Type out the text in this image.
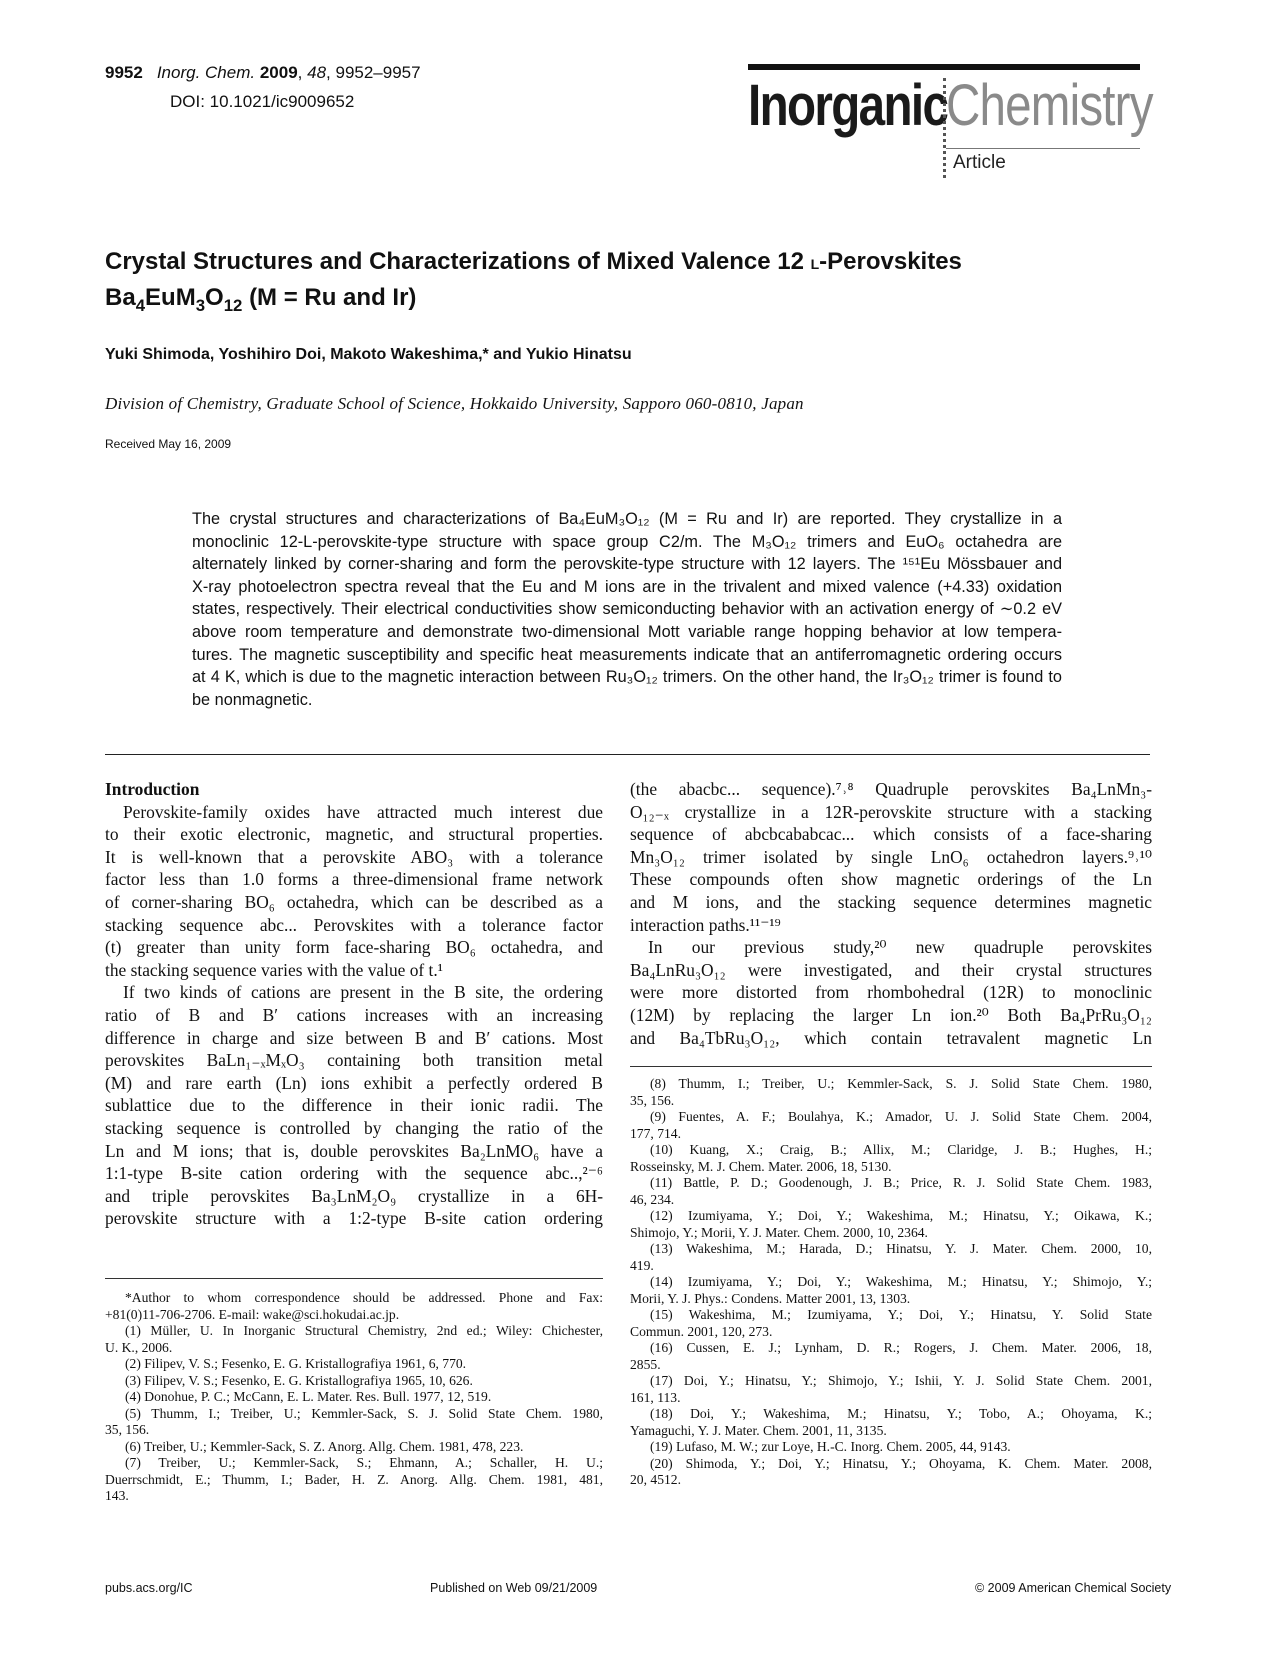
9952 Inorg. Chem. 2009, 48, 9952–9957
DOI: 10.1021/ic9009652	Inorganic
Chemistry
Article
Crystal Structures and Characterizations of Mixed Valence 12 l-Perovskites
$Ba_4EuM_3O_{12}$ (M = Ru and Ir)
Yuki Shimoda, Yoshihiro Doi, Makoto Wakeshima,* and Yukio Hinatsu
Division of Chemistry, Graduate School of Science, Hokkaido University, Sapporo 060-0810, Japan
Received May 16, 2009
The crystal structures and characterizations of Ba₄EuM₃O₁₂ (M = Ru and Ir) are reported. They crystallize in a
monoclinic 12-L-perovskite-type structure with space group C2/m. The M₃O₁₂ trimers and EuO₆ octahedra are
alternately linked by corner-sharing and form the perovskite-type structure with 12 layers. The ¹⁵¹Eu Mössbauer and
X-ray photoelectron spectra reveal that the Eu and M ions are in the trivalent and mixed valence (+4.33) oxidation
states, respectively. Their electrical conductivities show semiconducting behavior with an activation energy of ∼0.2 eV
above room temperature and demonstrate two-dimensional Mott variable range hopping behavior at low tempera-
tures. The magnetic susceptibility and specific heat measurements indicate that an antiferromagnetic ordering occurs
at 4 K, which is due to the magnetic interaction between Ru₃O₁₂ trimers. On the other hand, the Ir₃O₁₂ trimer is found to
be nonmagnetic.
Introduction
Perovskite-family oxides have attracted much interest due
to their exotic electronic, magnetic, and structural properties.
It is well-known that a perovskite ABO₃ with a tolerance
factor less than 1.0 forms a three-dimensional frame network
of corner-sharing BO₆ octahedra, which can be described as a
stacking sequence abc... Perovskites with a tolerance factor
(t) greater than unity form face-sharing BO₆ octahedra, and
the stacking sequence varies with the value of t.¹
If two kinds of cations are present in the B site, the ordering
ratio of B and B′ cations increases with an increasing
difference in charge and size between B and B′ cations. Most
perovskites BaLn₁₋ₓMₓO₃ containing both transition metal
(M) and rare earth (Ln) ions exhibit a perfectly ordered B
sublattice due to the difference in their ionic radii. The
stacking sequence is controlled by changing the ratio of the
Ln and M ions; that is, double perovskites Ba₂LnMO₆ have a
1:1-type B-site cation ordering with the sequence abc..,²⁻⁶
and triple perovskites Ba₃LnM₂O₉ crystallize in a 6H-
perovskite structure with a 1:2-type B-site cation ordering
*Author to whom correspondence should be addressed. Phone and Fax:
+81(0)11-706-2706. E-mail: wake@sci.hokudai.ac.jp.
(1) Müller, U. In Inorganic Structural Chemistry, 2nd ed.; Wiley: Chichester,
U. K., 2006.
(2) Filipev, V. S.; Fesenko, E. G. Kristallografiya 1961, 6, 770.
(3) Filipev, V. S.; Fesenko, E. G. Kristallografiya 1965, 10, 626.
(4) Donohue, P. C.; McCann, E. L. Mater. Res. Bull. 1977, 12, 519.
(5) Thumm, I.; Treiber, U.; Kemmler-Sack, S. J. Solid State Chem. 1980,
35, 156.
(6) Treiber, U.; Kemmler-Sack, S. Z. Anorg. Allg. Chem. 1981, 478, 223.
(7) Treiber, U.; Kemmler-Sack, S.; Ehmann, A.; Schaller, H. U.;
Duerrschmidt, E.; Thumm, I.; Bader, H. Z. Anorg. Allg. Chem. 1981, 481,
143.
(the abacbc... sequence).⁷˒⁸ Quadruple perovskites Ba₄LnMn₃-
O₁₂₋ₓ crystallize in a 12R-perovskite structure with a stacking
sequence of abcbcababcac... which consists of a face-sharing
Mn₃O₁₂ trimer isolated by single LnO₆ octahedron layers.⁹˒¹⁰
These compounds often show magnetic orderings of the Ln
and M ions, and the stacking sequence determines magnetic
interaction paths.¹¹⁻¹⁹
In our previous study,²⁰ new quadruple perovskites
Ba₄LnRu₃O₁₂ were investigated, and their crystal structures
were more distorted from rhombohedral (12R) to monoclinic
(12M) by replacing the larger Ln ion.²⁰ Both Ba₄PrRu₃O₁₂
and Ba₄TbRu₃O₁₂, which contain tetravalent magnetic Ln
(8) Thumm, I.; Treiber, U.; Kemmler-Sack, S. J. Solid State Chem. 1980,
35, 156.
(9) Fuentes, A. F.; Boulahya, K.; Amador, U. J. Solid State Chem. 2004,
177, 714.
(10) Kuang, X.; Craig, B.; Allix, M.; Claridge, J. B.; Hughes, H.;
Rosseinsky, M. J. Chem. Mater. 2006, 18, 5130.
(11) Battle, P. D.; Goodenough, J. B.; Price, R. J. Solid State Chem. 1983,
46, 234.
(12) Izumiyama, Y.; Doi, Y.; Wakeshima, M.; Hinatsu, Y.; Oikawa, K.;
Shimojo, Y.; Morii, Y. J. Mater. Chem. 2000, 10, 2364.
(13) Wakeshima, M.; Harada, D.; Hinatsu, Y. J. Mater. Chem. 2000, 10,
419.
(14) Izumiyama, Y.; Doi, Y.; Wakeshima, M.; Hinatsu, Y.; Shimojo, Y.;
Morii, Y. J. Phys.: Condens. Matter 2001, 13, 1303.
(15) Wakeshima, M.; Izumiyama, Y.; Doi, Y.; Hinatsu, Y. Solid State
Commun. 2001, 120, 273.
(16) Cussen, E. J.; Lynham, D. R.; Rogers, J. Chem. Mater. 2006, 18,
2855.
(17) Doi, Y.; Hinatsu, Y.; Shimojo, Y.; Ishii, Y. J. Solid State Chem. 2001,
161, 113.
(18) Doi, Y.; Wakeshima, M.; Hinatsu, Y.; Tobo, A.; Ohoyama, K.;
Yamaguchi, Y. J. Mater. Chem. 2001, 11, 3135.
(19) Lufaso, M. W.; zur Loye, H.-C. Inorg. Chem. 2005, 44, 9143.
(20) Shimoda, Y.; Doi, Y.; Hinatsu, Y.; Ohoyama, K. Chem. Mater. 2008,
20, 4512.
pubs.acs.org/IC	Published on Web 09/21/2009	© 2009 American Chemical Society
